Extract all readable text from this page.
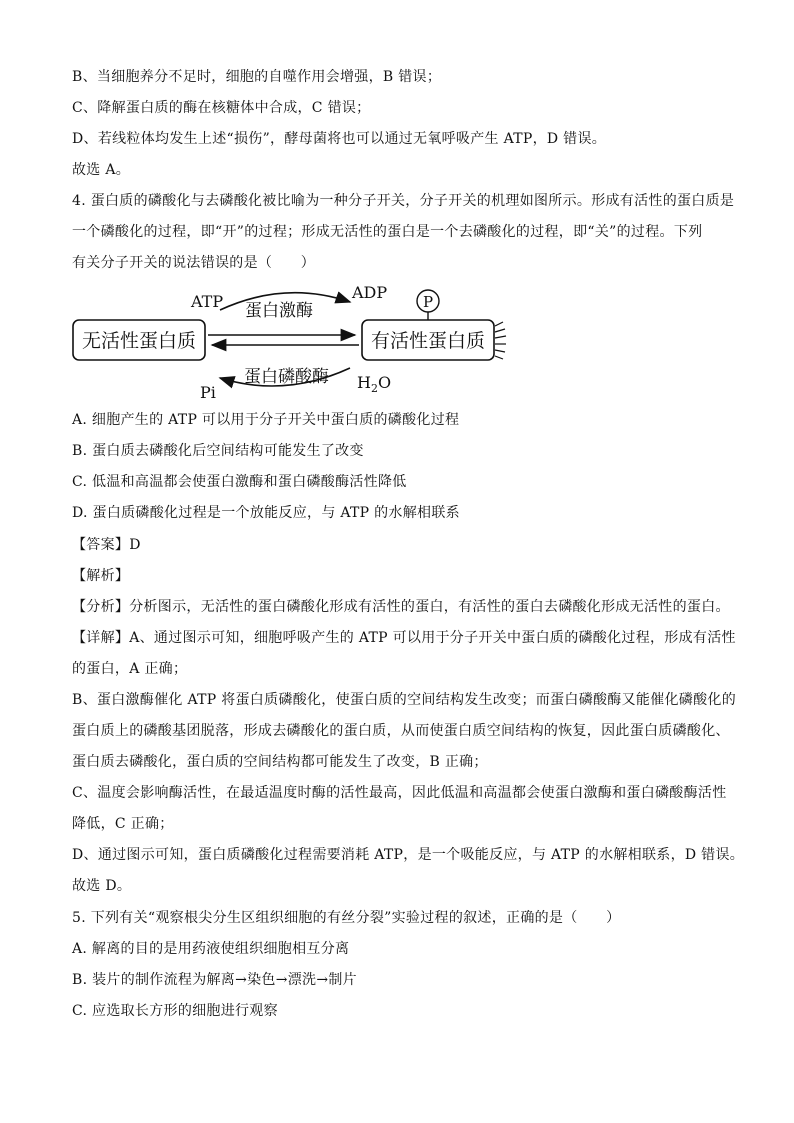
B、当细胞养分不足时，细胞的自噬作用会增强，B 错误；
C、降解蛋白质的酶在核糖体中合成，C 错误；
D、若线粒体均发生上述“损伤”，酵母菌将也可以通过无氧呼吸产生 ATP，D 错误。
故选 A。
4. 蛋白质的磷酸化与去磷酸化被比喻为一种分子开关，分子开关的机理如图所示。形成有活性的蛋白质是
一个磷酸化的过程，即“开”的过程；形成无活性的蛋白是一个去磷酸化的过程，即“关”的过程。下列
有关分子开关的说法错误的是（　　）
无活性蛋白质	有活性蛋白质
P
ATP 蛋白激酶
ADP
蛋白磷酸酶
Pi
$H_2O$
A. 细胞产生的 ATP 可以用于分子开关中蛋白质的磷酸化过程
B. 蛋白质去磷酸化后空间结构可能发生了改变
C. 低温和高温都会使蛋白激酶和蛋白磷酸酶活性降低
D. 蛋白质磷酸化过程是一个放能反应，与 ATP 的水解相联系
【答案】D
【解析】
【分析】分析图示，无活性的蛋白磷酸化形成有活性的蛋白，有活性的蛋白去磷酸化形成无活性的蛋白。
【详解】A、通过图示可知，细胞呼吸产生的 ATP 可以用于分子开关中蛋白质的磷酸化过程，形成有活性
的蛋白，A 正确；
B、蛋白激酶催化 ATP 将蛋白质磷酸化，使蛋白质的空间结构发生改变；而蛋白磷酸酶又能催化磷酸化的
蛋白质上的磷酸基团脱落，形成去磷酸化的蛋白质，从而使蛋白质空间结构的恢复，因此蛋白质磷酸化、
蛋白质去磷酸化，蛋白质的空间结构都可能发生了改变，B 正确；
C、温度会影响酶活性，在最适温度时酶的活性最高，因此低温和高温都会使蛋白激酶和蛋白磷酸酶活性
降低，C 正确；
D、通过图示可知，蛋白质磷酸化过程需要消耗 ATP，是一个吸能反应，与 ATP 的水解相联系，D 错误。
故选 D。
5. 下列有关“观察根尖分生区组织细胞的有丝分裂”实验过程的叙述，正确的是（　　）
A. 解离的目的是用药液使组织细胞相互分离
B. 装片的制作流程为解离→染色→漂洗→制片
C. 应选取长方形的细胞进行观察
